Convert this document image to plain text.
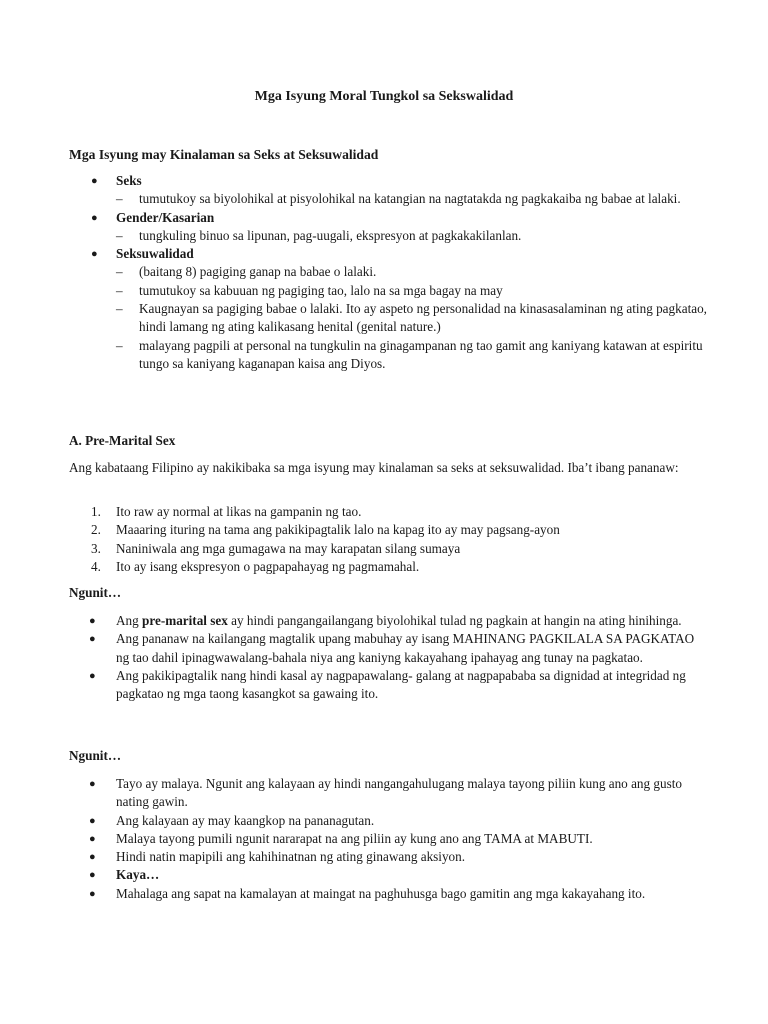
Mga Isyung Moral Tungkol sa Sekswalidad
Mga Isyung may Kinalaman sa Seks at Seksuwalidad
● Seks
– tumutukoy sa biyolohikal at pisyolohikal na katangian na nagtatakda ng pagkakaiba ng babae at lalaki.
● Gender/Kasarian
– tungkuling binuo sa lipunan, pag-uugali, ekspresyon at pagkakakilanlan.
● Seksuwalidad
– (baitang 8) pagiging ganap na babae o lalaki.
– tumutukoy sa kabuuan ng pagiging tao, lalo na sa mga bagay na may
– Kaugnayan sa pagiging babae o lalaki. Ito ay aspeto ng personalidad na kinasasalaminan ng ating pagkatao, hindi lamang ng ating kalikasang henital (genital nature.)
– malayang pagpili at personal na tungkulin na ginagampanan ng tao gamit ang kaniyang katawan at espiritu tungo sa kaniyang kaganapan kaisa ang Diyos.
A. Pre-Marital Sex
Ang kabataang Filipino ay nakikibaka sa mga isyung may kinalaman sa seks at seksuwalidad. Iba’t ibang pananaw:
1. Ito raw ay normal at likas na gampanin ng tao.
2. Maaaring ituring na tama ang pakikipagtalik lalo na kapag ito ay may pagsang-ayon
3. Naniniwala ang mga gumagawa na may karapatan silang sumaya
4. Ito ay isang ekspresyon o pagpapahayag ng pagmamahal.
Ngunit…
● Ang pre-marital sex ay hindi pangangailangang biyolohikal tulad ng pagkain at hangin na ating hinihinga.
● Ang pananaw na kailangang magtalik upang mabuhay ay isang MAHINANG PAGKILALA SA PAGKATAO ng tao dahil ipinagwawalang-bahala niya ang kaniyng kakayahang ipahayag ang tunay na pagkatao.
● Ang pakikipagtalik nang hindi kasal ay nagpapawalang- galang at nagpapababa sa dignidad at integridad ng pagkatao ng mga taong kasangkot sa gawaing ito.
Ngunit…
● Tayo ay malaya. Ngunit ang kalayaan ay hindi nangangahulugang malaya tayong piliin kung ano ang gusto nating gawin.
● Ang kalayaan ay may kaangkop na pananagutan.
● Malaya tayong pumili ngunit nararapat na ang piliin ay kung ano ang TAMA at MABUTI.
● Hindi natin mapipili ang kahihinatnan ng ating ginawang aksiyon.
● Kaya…
● Mahalaga ang sapat na kamalayan at maingat na paghuhusga bago gamitin ang mga kakayahang ito.
